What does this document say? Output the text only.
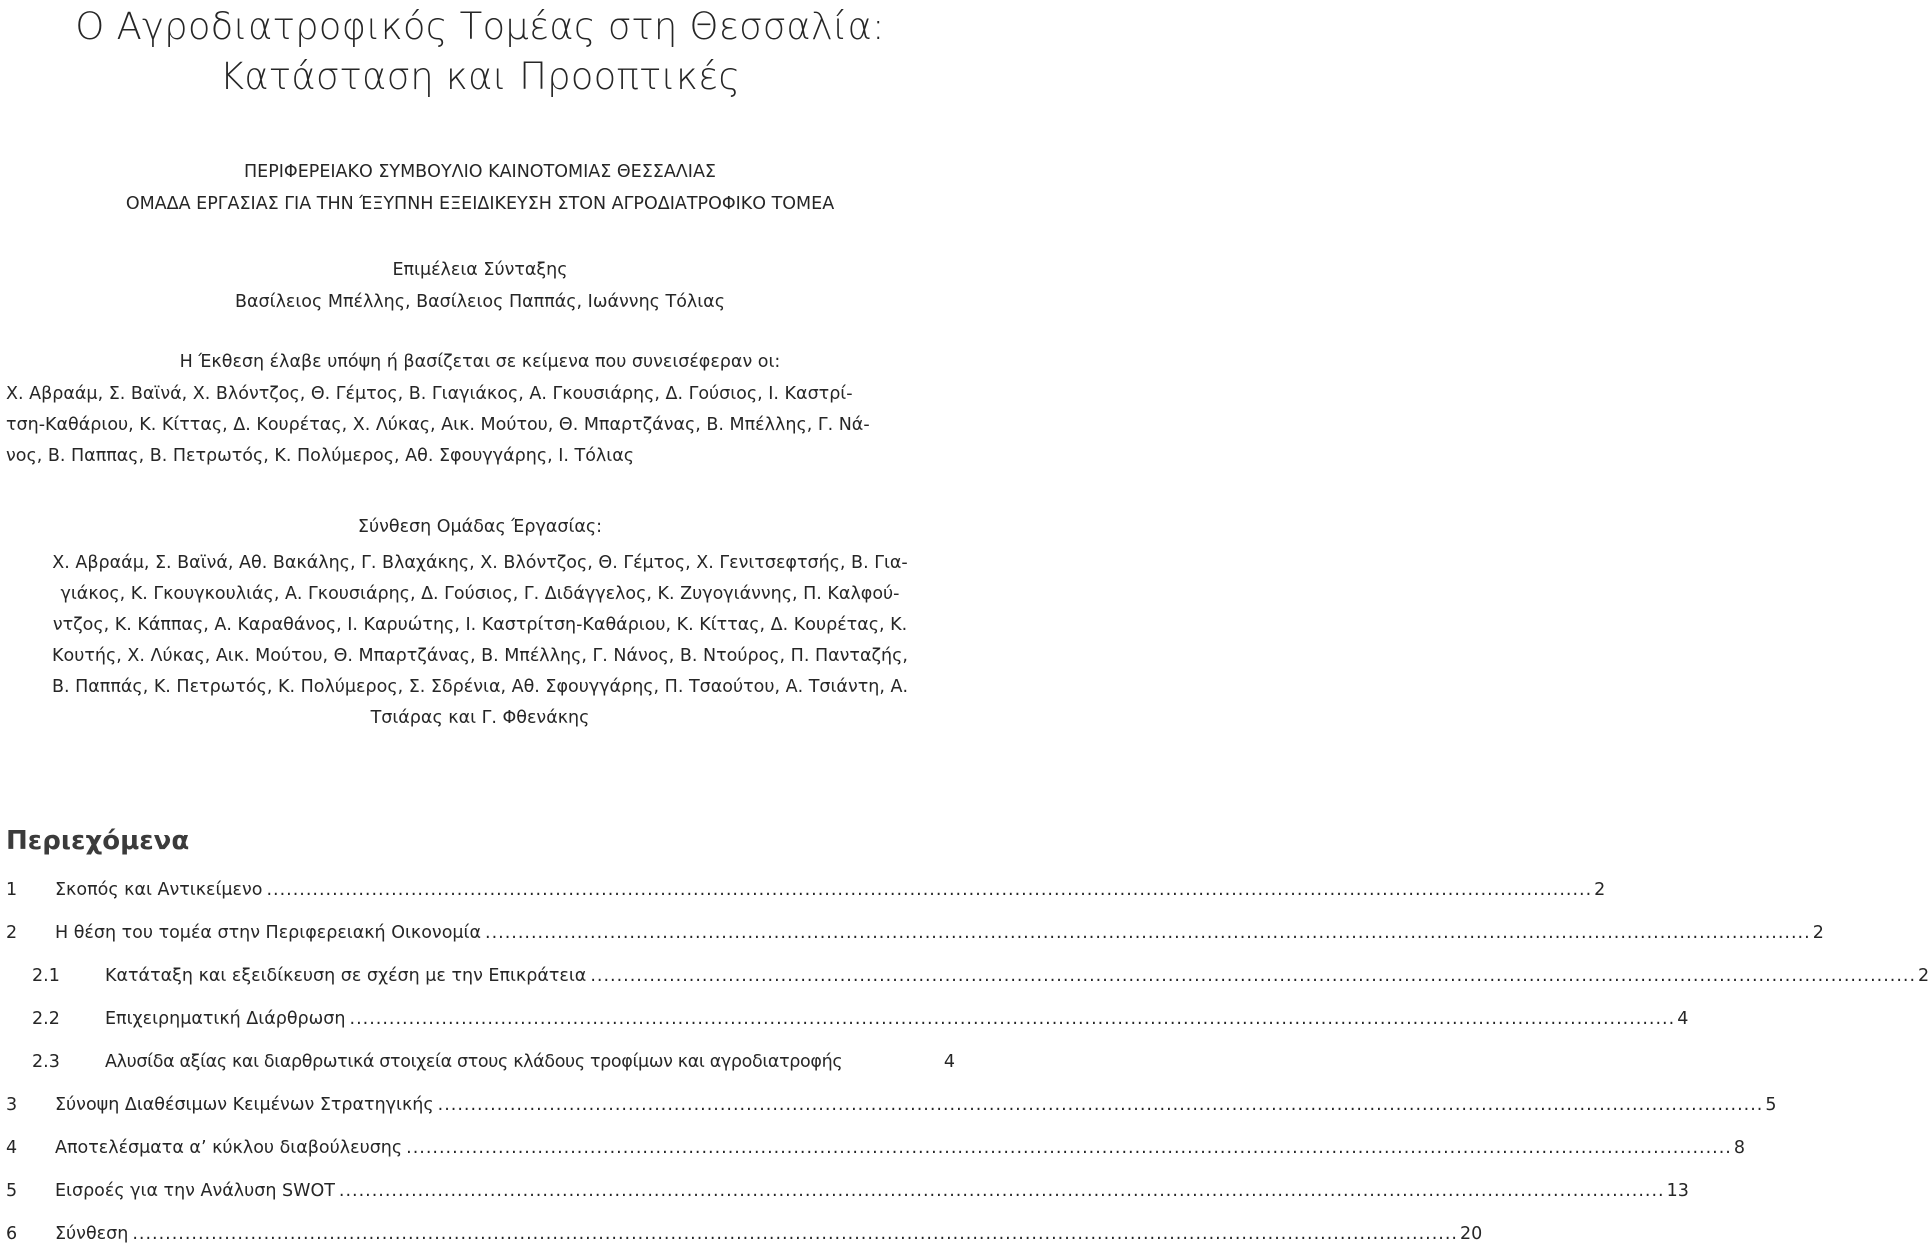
Ο Αγροδιατροφικός Τομέας στη Θεσσαλία:
Κατάσταση και Προοπτικές
ΠΕΡΙΦΕΡΕΙΑΚΟ ΣΥΜΒΟΥΛΙΟ ΚΑΙΝΟΤΟΜΙΑΣ ΘΕΣΣΑΛΙΑΣ
ΟΜΑΔΑ ΕΡΓΑΣΙΑΣ ΓΙΑ ΤΗΝ ΈΞΥΠΝΗ ΕΞΕΙΔΙΚΕΥΣΗ ΣΤΟΝ ΑΓΡΟΔΙΑΤΡΟΦΙΚΟ ΤΟΜΕΑ
Επιμέλεια Σύνταξης
Βασίλειος Μπέλλης, Βασίλειος Παππάς, Ιωάννης Τόλιας
Η Έκθεση έλαβε υπόψη ή βασίζεται σε κείμενα που συνεισέφεραν οι:
Χ. Αβραάμ, Σ. Βαϊνά, Χ. Βλόντζος, Θ. Γέμτος, Β. Γιαγιάκος, Α. Γκουσιάρης, Δ. Γούσιος, Ι. Καστρί-
τση-Καθάριου, Κ. Κίττας, Δ. Κουρέτας, Χ. Λύκας, Αικ. Μούτου, Θ. Μπαρτζάνας, Β. Μπέλλης, Γ. Νά-
νος, Β. Παππας, Β. Πετρωτός, Κ. Πολύμερος, Αθ. Σφουγγάρης, Ι. Τόλιας
Σύνθεση Ομάδας Έργασίας:
Χ. Αβραάμ, Σ. Βαϊνά, Αθ. Βακάλης, Γ. Βλαχάκης, Χ. Βλόντζος, Θ. Γέμτος, Χ. Γενιτσεφτσής, Β. Για-
γιάκος, Κ. Γκουγκουλιάς, Α. Γκουσιάρης, Δ. Γούσιος, Γ. Διδάγγελος, Κ. Ζυγογιάννης, Π. Καλφού-
ντζος, Κ. Κάππας, Α. Καραθάνος, Ι. Καρυώτης, Ι. Καστρίτση-Καθάριου, Κ. Κίττας, Δ. Κουρέτας, Κ.
Κουτής, Χ. Λύκας, Αικ. Μούτου, Θ. Μπαρτζάνας, Β. Μπέλλης, Γ. Νάνος, Β. Ντούρος, Π. Πανταζής,
Β. Παππάς, Κ. Πετρωτός, Κ. Πολύμερος, Σ. Σδρένια, Αθ. Σφουγγάρης, Π. Τσαούτου, Α. Τσιάντη, Α.
Τσιάρας και Γ. Φθενάκης
Περιεχόμενα
1 Σκοπός και Αντικείμενο .......................................................................................................................................................................................................... 2
2 Η θέση του τομέα στην Περιφερειακή Οικονομία .......................................................................................................................................................................................................... 2
2.1	Κατάταξη και εξειδίκευση σε σχέση με την Επικράτεια .......................................................................................................................................................................................................... 2
2.2	Επιχειρηματική Διάρθρωση .......................................................................................................................................................................................................... 4
2.3	Αλυσίδα αξίας και διαρθρωτικά στοιχεία στους κλάδους τροφίμων και αγροδιατροφής	4
3 Σύνοψη Διαθέσιμων Κειμένων Στρατηγικής .......................................................................................................................................................................................................... 5
4 Αποτελέσματα α’ κύκλου διαβούλευσης .......................................................................................................................................................................................................... 8
5 Εισροές για την Ανάλυση SWOT .......................................................................................................................................................................................................... 13
6 Σύνθεση .......................................................................................................................................................................................................... 20
